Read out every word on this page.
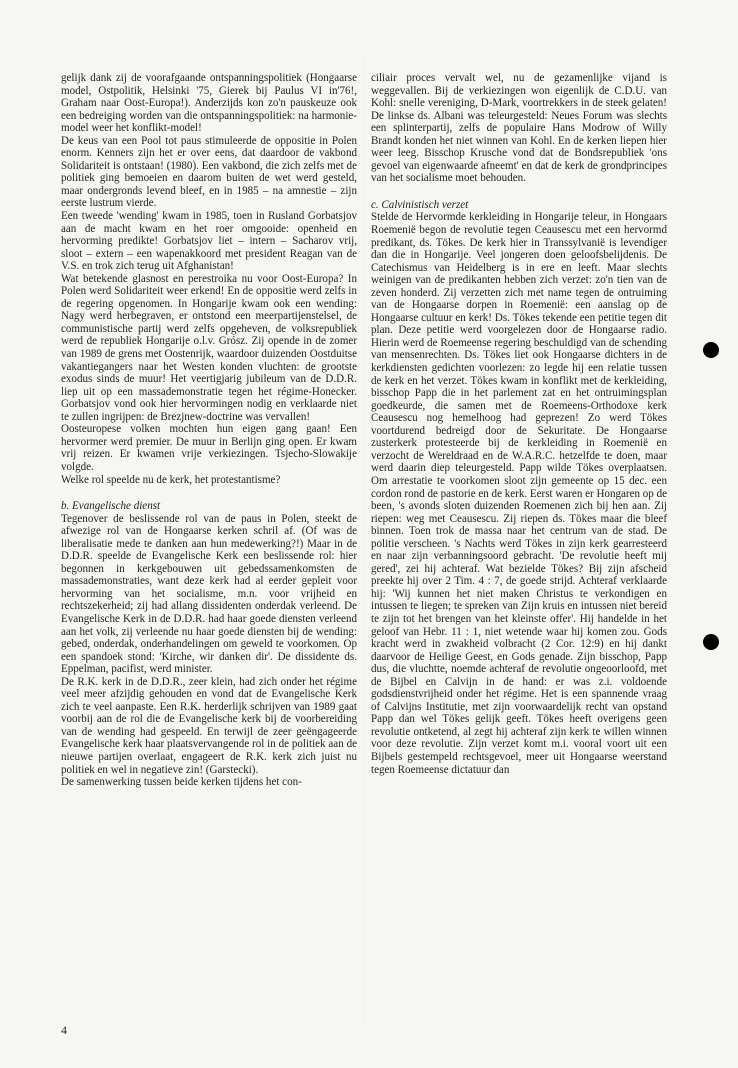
gelijk dank zij de voorafgaande ontspanningspolitiek (Hongaarse model, Ostpolitik, Helsinki '75, Gierek bij Paulus VI in'76!, Graham naar Oost-Europa!). Anderzijds kon zo'n pauskeuze ook een bedreiging worden van die ontspanningspolitiek: na harmonie-model weer het konflikt-model!

De keus van een Pool tot paus stimuleerde de oppositie in Polen enorm. Kenners zijn het er over eens, dat daardoor de vakbond Solidariteit is ontstaan! (1980). Een vakbond, die zich zelfs met de politiek ging bemoeien en daarom buiten de wet werd gesteld, maar ondergronds levend bleef, en in 1985 – na amnestie – zijn eerste lustrum vierde.

Een tweede 'wending' kwam in 1985, toen in Rusland Gorbatsjov aan de macht kwam en het roer omgooide: openheid en hervorming predikte! Gorbatsjov liet – intern – Sacharov vrij, sloot – extern – een wapenakkoord met president Reagan van de V.S. en trok zich terug uit Afghanistan!

Wat betekende glasnost en perestroika nu voor Oost-Europa? In Polen werd Solidariteit weer erkend! En de oppositie werd zelfs in de regering opgenomen. In Hongarije kwam ook een wending: Nagy werd herbegraven, er ontstond een meerpartijenstelsel, de communistische partij werd zelfs opgeheven, de volksrepubliek werd de republiek Hongarije o.l.v. Grósz. Zij opende in de zomer van 1989 de grens met Oostenrijk, waardoor duizenden Oostduitse vakantiegangers naar het Westen konden vluchten: de grootste exodus sinds de muur! Het veertigjarig jubileum van de D.D.R. liep uit op een massademonstratie tegen het régime-Honecker. Gorbatsjov vond ook hier hervormingen nodig en verklaarde niet te zullen ingrijpen: de Brezjnew-doctrine was vervallen!

Oosteuropese volken mochten hun eigen gang gaan! Een hervormer werd premier. De muur in Berlijn ging open. Er kwam vrij reizen. Er kwamen vrije verkiezingen. Tsjecho-Slowakije volgde.

Welke rol speelde nu de kerk, het protestantisme?

b. Evangelische dienst

Tegenover de beslissende rol van de paus in Polen, steekt de afwezige rol van de Hongaarse kerken schril af. (Of was de liberalisatie mede te danken aan hun medewerking?!) Maar in de D.D.R. speelde de Evangelische Kerk een beslissende rol: hier begonnen in kerkgebouwen uit gebedssamenkomsten de massademonstraties, want deze kerk had al eerder gepleit voor hervorming van het socialisme, m.n. voor vrijheid en rechtszekerheid; zij had allang dissidenten onderdak verleend. De Evangelische Kerk in de D.D.R. had haar goede diensten verleend aan het volk, zij verleende nu haar goede diensten bij de wending: gebed, onderdak, onderhandelingen om geweld te voorkomen. Op een spandoek stond: 'Kirche, wir danken dir'. De dissidente ds. Eppelman, pacifist, werd minister.

De R.K. kerk in de D.D.R., zeer klein, had zich onder het régime veel meer afzijdig gehouden en vond dat de Evangelische Kerk zich te veel aanpaste. Een R.K. herderlijk schrijven van 1989 gaat voorbij aan de rol die de Evangelische kerk bij de voorbereiding van de wending had gespeeld. En terwijl de zeer geëngageerde Evangelische kerk haar plaatsvervangende rol in de politiek aan de nieuwe partijen overlaat, engageert de R.K. kerk zich juist nu politiek en wel in negatieve zin! (Garstecki).

De samenwerking tussen beide kerken tijdens het con-

ciliair proces vervalt wel, nu de gezamenlijke vijand is weggevallen. Bij de verkiezingen won eigenlijk de C.D.U. van Kohl: snelle vereniging, D-Mark, voortrekkers in de steek gelaten! De linkse ds. Albani was teleurgesteld: Neues Forum was slechts een splinterpartij, zelfs de populaire Hans Modrow of Willy Brandt konden het niet winnen van Kohl. En de kerken liepen hier weer leeg. Bisschop Krusche vond dat de Bondsrepubliek 'ons gevoel van eigenwaarde afneemt' en dat de kerk de grondprincipes van het socialisme moet behouden.

c. Calvinistisch verzet

Stelde de Hervormde kerkleiding in Hongarije teleur, in Hongaars Roemenië begon de revolutie tegen Ceausescu met een hervormd predikant, ds. Tökes. De kerk hier in Transsylvanië is levendiger dan die in Hongarije. Veel jongeren doen geloofsbelijdenis. De Catechismus van Heidelberg is in ere en leeft. Maar slechts weinigen van de predikanten hebben zich verzet: zo'n tien van de zeven honderd. Zij verzetten zich met name tegen de ontruiming van de Hongaarse dorpen in Roemenië: een aanslag op de Hongaarse cultuur en kerk! Ds. Tökes tekende een petitie tegen dit plan. Deze petitie werd voorgelezen door de Hongaarse radio. Hierin werd de Roemeense regering beschuldigd van de schending van mensenrechten. Ds. Tökes liet ook Hongaarse dichters in de kerkdiensten gedichten voorlezen: zo legde hij een relatie tussen de kerk en het verzet. Tökes kwam in konflikt met de kerkleiding, bisschop Papp die in het parlement zat en het ontruimingsplan goedkeurde, die samen met de Roemeens-Orthodoxe kerk Ceausescu nog hemelhoog had geprezen! Zo werd Tökes voortdurend bedreigd door de Sekuritate. De Hongaarse zusterkerk protesteerde bij de kerkleiding in Roemenië en verzocht de Wereldraad en de W.A.R.C. hetzelfde te doen, maar werd daarin diep teleurgesteld. Papp wilde Tökes overplaatsen. Om arrestatie te voorkomen sloot zijn gemeente op 15 dec. een cordon rond de pastorie en de kerk. Eerst waren er Hongaren op de been, 's avonds sloten duizenden Roemenen zich bij hen aan. Zij riepen: weg met Ceausescu. Zij riepen ds. Tökes maar die bleef binnen. Toen trok de massa naar het centrum van de stad. De politie verscheen. 's Nachts werd Tökes in zijn kerk gearresteerd en naar zijn verbanningsoord gebracht. 'De revolutie heeft mij gered', zei hij achteraf. Wat bezielde Tökes? Bij zijn afscheid preekte hij over 2 Tim. 4 : 7, de goede strijd. Achteraf verklaarde hij: 'Wij kunnen het niet maken Christus te verkondigen en intussen te liegen; te spreken van Zijn kruis en intussen niet bereid te zijn tot het brengen van het kleinste offer'. Hij handelde in het geloof van Hebr. 11 : 1, niet wetende waar hij komen zou. Gods kracht werd in zwakheid volbracht (2 Cor. 12:9) en hij dankt daarvoor de Heilige Geest, en Gods genade. Zijn bisschop, Papp dus, die vluchtte, noemde achteraf de revolutie ongeoorloofd, met de Bijbel en Calvijn in de hand: er was z.i. voldoende godsdienstvrijheid onder het régime. Het is een spannende vraag of Calvijns Institutie, met zijn voorwaardelijk recht van opstand Papp dan wel Tökes gelijk geeft. Tökes heeft overigens geen revolutie ontketend, al zegt hij achteraf zijn kerk te willen winnen voor deze revolutie. Zijn verzet komt m.i. vooral voort uit een Bijbels gestempeld rechtsgevoel, meer uit Hongaarse weerstand tegen Roemeense dictatuur dan

4
